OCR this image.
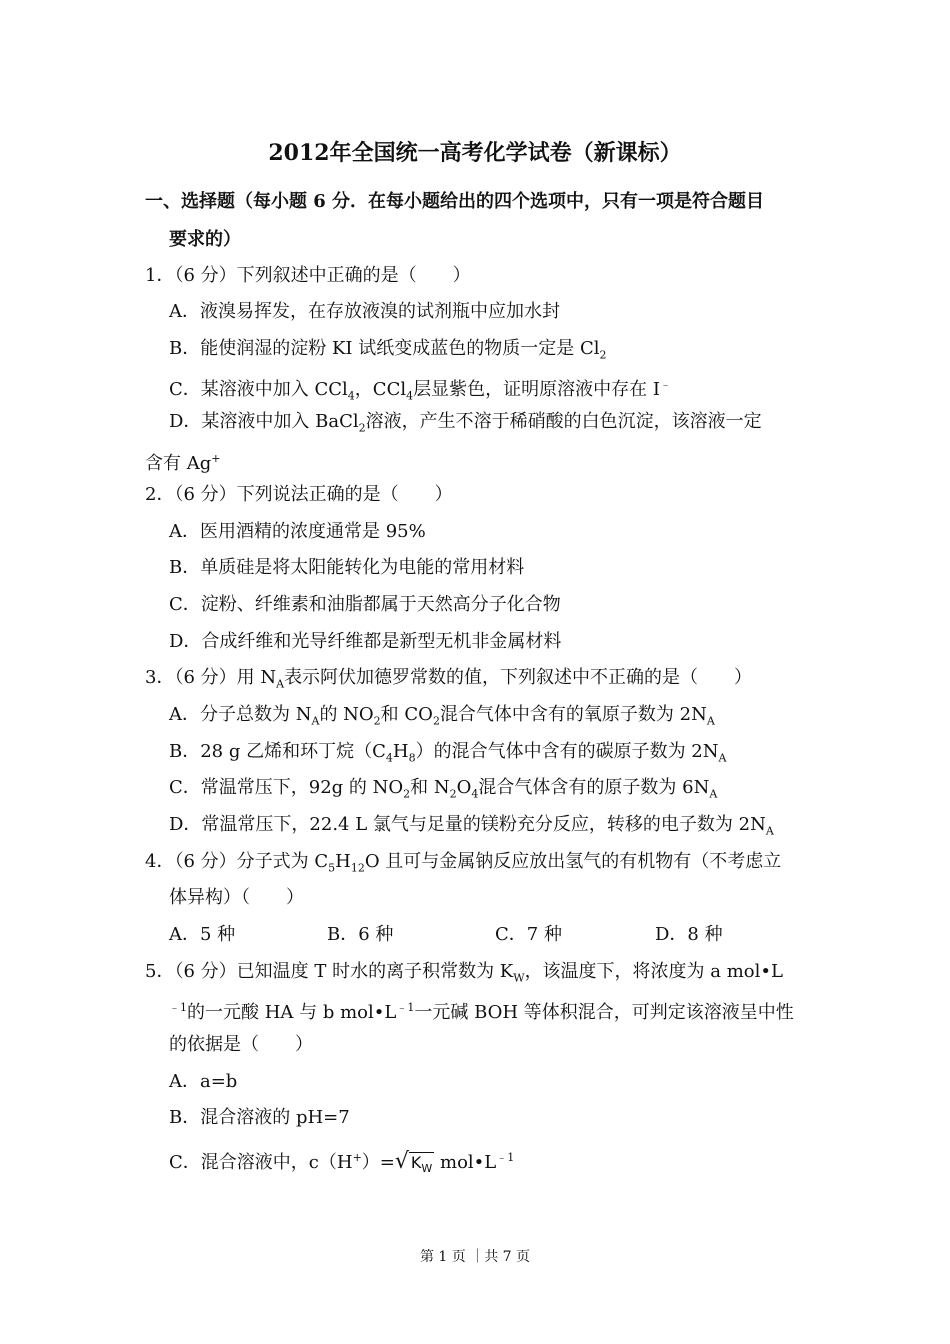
2012年全国统一高考化学试卷（新课标）
一、选择题（每小题 6 分．在每小题给出的四个选项中，只有一项是符合题目
要求的）
1．（6 分）下列叙述中正确的是（　　）
A．液溴易挥发，在存放液溴的试剂瓶中应加水封
B．能使润湿的淀粉 KI 试纸变成蓝色的物质一定是 $Cl_2$
C．某溶液中加入 CCl$_4$，CCl$_4$层显紫色，证明原溶液中存在 I﹣
D．某溶液中加入 BaCl$_2$溶液，产生不溶于稀硝酸的白色沉淀，该溶液一定
含有 Ag+
2．（6 分）下列说法正确的是（　　）
A．医用酒精的浓度通常是 95%
B．单质硅是将太阳能转化为电能的常用材料
C．淀粉、纤维素和油脂都属于天然高分子化合物
D．合成纤维和光导纤维都是新型无机非金属材料
3．（6 分）用 $N_A$表示阿伏加德罗常数的值，下列叙述中不正确的是（　　）
A．分子总数为 $N_A$的 $NO_2$和 $CO_2$混合气体中含有的氧原子数为 $2N_A$
B．28 g 乙烯和环丁烷$(C_4H_8)$的混合气体中含有的碳原子数为 $2N_A$
C．常温常压下，92g 的 $NO_2$和 $N_2O_4$混合气体含有的原子数为 $6N_A$
D．常温常压下，22.4 L 氯气与足量的镁粉充分反应，转移的电子数为 $2N_A$
4．（6 分）分子式为 $C_5H_{12}O$ 且可与金属钠反应放出氢气的有机物有（不考虑立
体异构）（　　）
A．5 种	B．6 种	C．7 种	D．8 种
5．（6 分）已知温度 T 时水的离子积常数为 $K_W$，该温度下，将浓度为 a mol•L
$^{﹣1}$的一元酸 HA 与 b $mol•L^{﹣1}$一元碱 BOH 等体积混合，可判定该溶液呈中性
的依据是（　　）
A．a=b
B．混合溶液的 pH=7
C．混合溶液中，c（H+）=√ $K_W$ $mol•L^{﹣1}$
第 1 页 ｜共 7 页
